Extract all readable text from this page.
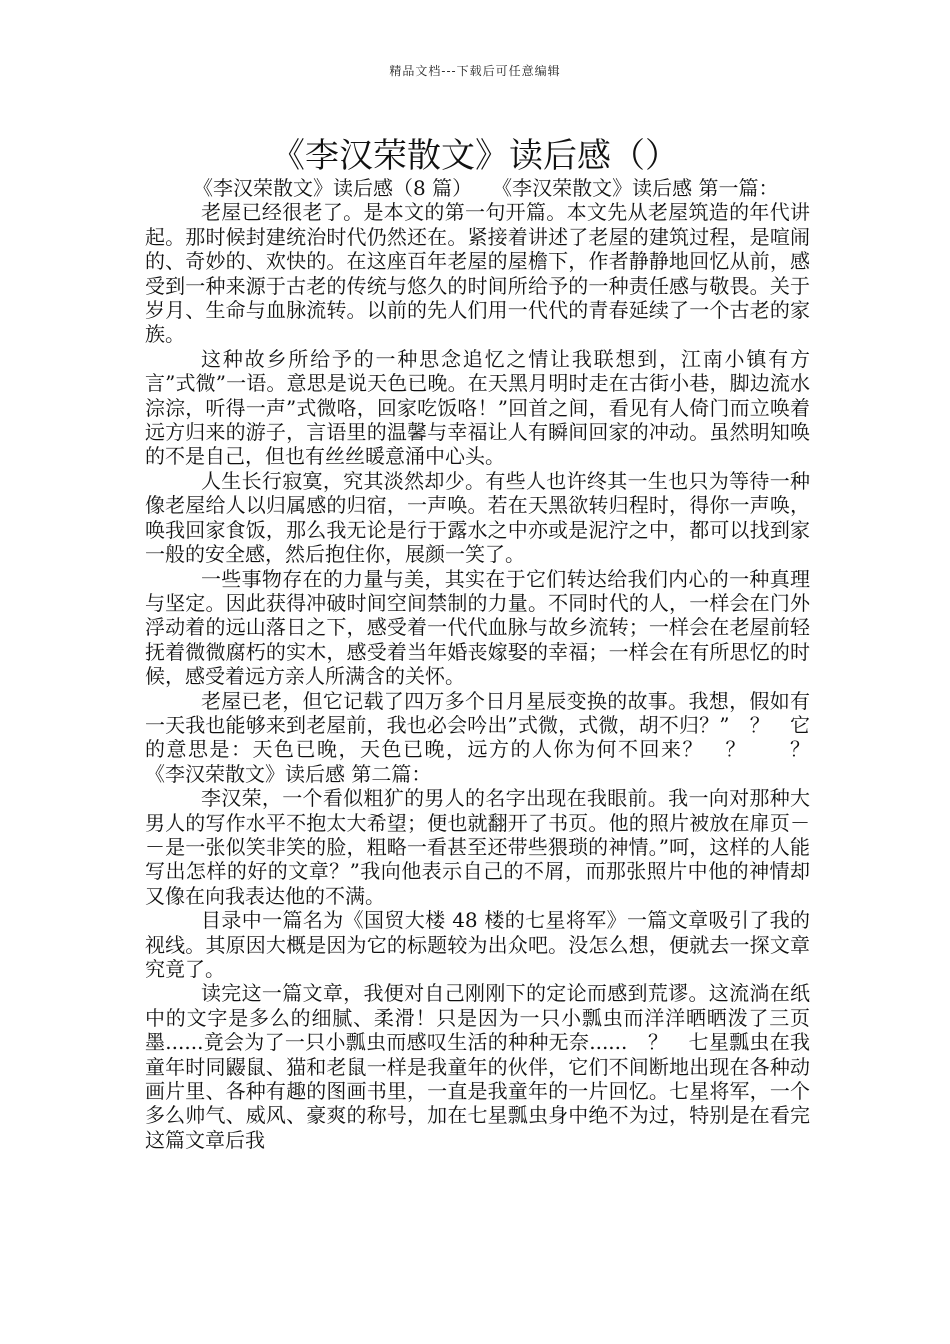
精品文档---下载后可任意编辑
《李汉荣散文》读后感（）

《李汉荣散文》读后感（8 篇）　　《李汉荣散文》读后感 第一篇：

老屋已经很老了。是本文的第一句开篇。本文先从老屋筑造的年代讲起。那时候封建统治时代仍然还在。紧接着讲述了老屋的建筑过程，是喧闹的、奇妙的、欢快的。在这座百年老屋的屋檐下，作者静静地回忆从前，感受到一种来源于古老的传统与悠久的时间所给予的一种责任感与敬畏。关于岁月、生命与血脉流转。以前的先人们用一代代的青春延续了一个古老的家族。

这种故乡所给予的一种思念追忆之情让我联想到，江南小镇有方言”式微”一语。意思是说天色已晚。在天黑月明时走在古街小巷，脚边流水淙淙，听得一声”式微咯，回家吃饭咯！”回首之间，看见有人倚门而立唤着远方归来的游子，言语里的温馨与幸福让人有瞬间回家的冲动。虽然明知唤的不是自己，但也有丝丝暖意涌中心头。

人生长行寂寞，究其淡然却少。有些人也许终其一生也只为等待一种像老屋给人以归属感的归宿，一声唤。若在天黑欲转归程时，得你一声唤，唤我回家食饭，那么我无论是行于露水之中亦或是泥泞之中，都可以找到家一般的安全感，然后抱住你，展颜一笑了。

一些事物存在的力量与美，其实在于它们转达给我们内心的一种真理与坚定。因此获得冲破时间空间禁制的力量。不同时代的人，一样会在门外浮动着的远山落日之下，感受着一代代血脉与故乡流转；一样会在老屋前轻抚着微微腐朽的实木，感受着当年婚丧嫁娶的幸福；一样会在有所思忆的时候，感受着远方亲人所满含的关怀。

老屋已老，但它记载了四万多个日月星辰变换的故事。我想，假如有一天我也能够来到老屋前，我也必会吟出”式微，式微，胡不归？”　？　它的意思是：天色已晚，天色已晚，远方的人你为何不回来？　？　　？　《李汉荣散文》读后感 第二篇：

李汉荣，一个看似粗犷的男人的名字出现在我眼前。我一向对那种大男人的写作水平不抱太大希望；便也就翻开了书页。他的照片被放在扉页－－是一张似笑非笑的脸，粗略一看甚至还带些猥琐的神情。”呵，这样的人能写出怎样的好的文章？”我向他表示自己的不屑，而那张照片中他的神情却又像在向我表达他的不满。

目录中一篇名为《国贸大楼 48 楼的七星将军》一篇文章吸引了我的视线。其原因大概是因为它的标题较为出众吧。没怎么想，便就去一探文章究竟了。

读完这一篇文章，我便对自己刚刚下的定论而感到荒谬。这流淌在纸中的文字是多么的细腻、柔滑！只是因为一只小瓢虫而洋洋晒晒泼了三页墨......竟会为了一只小瓢虫而感叹生活的种种无奈......　？　七星瓢虫在我童年时同鼹鼠、猫和老鼠一样是我童年的伙伴，它们不间断地出现在各种动画片里、各种有趣的图画书里，一直是我童年的一片回忆。七星将军，一个多么帅气、威风、豪爽的称号，加在七星瓢虫身中绝不为过，特别是在看完这篇文章后我
